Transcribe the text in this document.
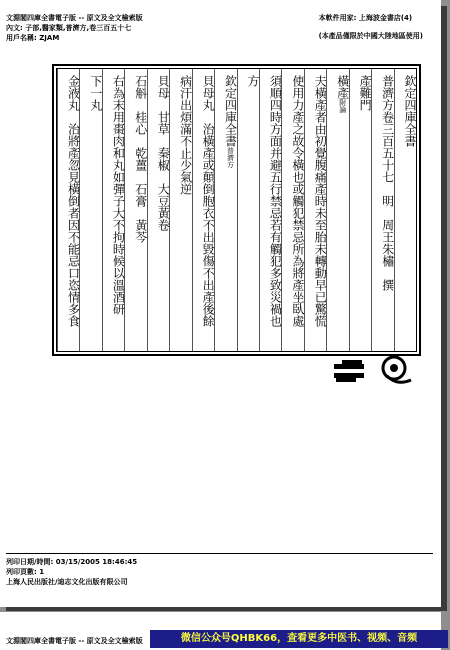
文淵閣四庫全書電子版 -- 原文及全文檢索版
內文: 子部,醫家類,普濟方,卷三百五十七
用戶名稱: ZJAM
本軟件用家: 上海波金書店(4)
(本產品僅限於中國大陸地區使用)
欽定四庫全書
普濟方卷三百五十七　明　周王朱橚　撰
產難門
橫產附論
夫橫產者由初覺腹痛產時未至胎未轉動早已驚慌
使用力產之故令橫也或觸犯禁忌所為將產坐臥處
須順四時方面并避五行禁忌若有觸犯多致災禍也
方
欽定四庫全書普濟方
貝母丸　治橫產或顛倒胞衣不出毀傷不出產後餘
病汗出煩滿不止少氣逆
貝母　甘草　秦椒　大豆黃卷
石斛　桂心　乾薑　石膏　黃芩
右為末用棗肉和丸如彈子大不拘時候以溫酒研
下一丸
金液丸　治將產忽見橫倒者因不能忌口恣情多食
列印日期/時間: 03/15/2005 18:46:45
列印頁數: 1
上海人民出版社/迪志文化出版有限公司
文淵閣四庫全書電子版 -- 原文及全文檢索版	微信公众号QHBK66，查看更多中医书、视频、音频
